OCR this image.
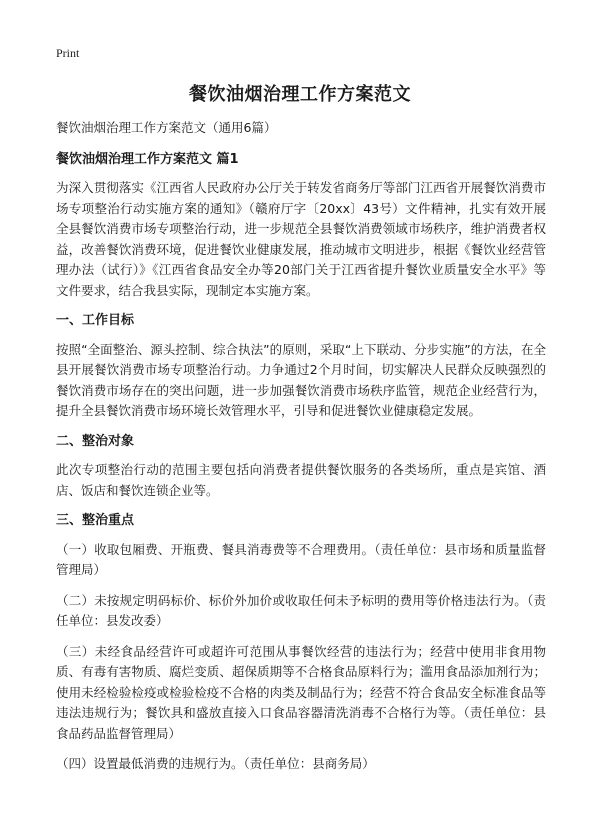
Print
餐饮油烟治理工作方案范文

餐饮油烟治理工作方案范文（通用6篇）

餐饮油烟治理工作方案范文 篇1

为深入贯彻落实《江西省人民政府办公厅关于转发省商务厅等部门江西省开展餐饮消费市场专项整治行动实施方案的通知》（赣府厅字〔20xx〕43号）文件精神，扎实有效开展全县餐饮消费市场专项整治行动，进一步规范全县餐饮消费领域市场秩序，维护消费者权益，改善餐饮消费环境，促进餐饮业健康发展，推动城市文明进步，根据《餐饮业经营管理办法（试行）》《江西省食品安全办等20部门关于江西省提升餐饮业质量安全水平》等文件要求，结合我县实际，现制定本实施方案。

一、工作目标

按照“全面整治、源头控制、综合执法”的原则，采取“上下联动、分步实施”的方法，在全县开展餐饮消费市场专项整治行动。力争通过2个月时间，切实解决人民群众反映强烈的餐饮消费市场存在的突出问题，进一步加强餐饮消费市场秩序监管，规范企业经营行为，提升全县餐饮消费市场环境长效管理水平，引导和促进餐饮业健康稳定发展。

二、整治对象

此次专项整治行动的范围主要包括向消费者提供餐饮服务的各类场所，重点是宾馆、酒店、饭店和餐饮连锁企业等。

三、整治重点

（一）收取包厢费、开瓶费、餐具消毒费等不合理费用。（责任单位：县市场和质量监督管理局）

（二）未按规定明码标价、标价外加价或收取任何未予标明的费用等价格违法行为。（责任单位：县发改委）

（三）未经食品经营许可或超许可范围从事餐饮经营的违法行为；经营中使用非食用物质、有毒有害物质、腐烂变质、超保质期等不合格食品原料行为；滥用食品添加剂行为；使用未经检验检疫或检验检疫不合格的肉类及制品行为；经营不符合食品安全标准食品等违法违规行为；餐饮具和盛放直接入口食品容器清洗消毒不合格行为等。（责任单位：县食品药品监督管理局）

（四）设置最低消费的违规行为。（责任单位：县商务局）
